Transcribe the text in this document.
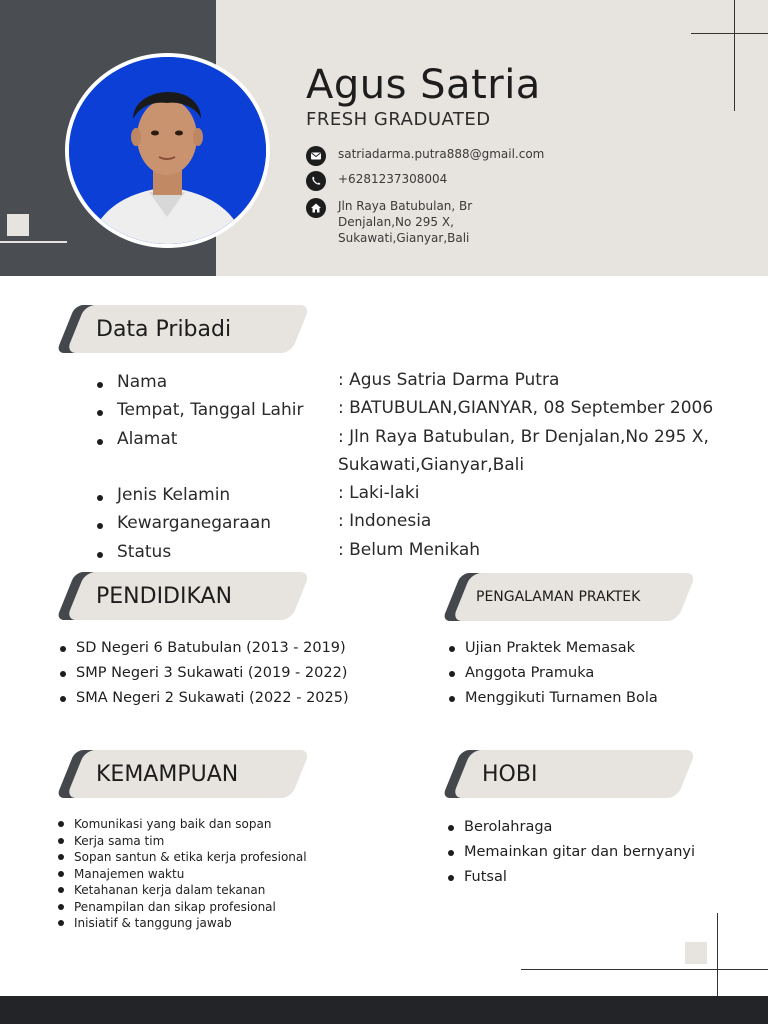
Agus Satria
FRESH GRADUATED
satriadarma.putra888@gmail.com
+6281237308004
Jln Raya Batubulan, Br Denjalan,No 295 X, Sukawati,Gianyar,Bali
Data Pribadi
Nama	: Agus Satria Darma Putra
Tempat, Tanggal Lahir : BATUBULAN,GIANYAR, 08 September 2006
Alamat	: Jln Raya Batubulan, Br Denjalan,No 295 X,
Sukawati,Gianyar,Bali
Jenis Kelamin	: Laki-laki
Kewarganegaraan	: Indonesia
Status	: Belum Menikah
PENDIDIKAN
SD Negeri 6 Batubulan (2013 - 2019)
SMP Negeri 3 Sukawati (2019 - 2022)
SMA Negeri 2 Sukawati (2022 - 2025)
PENGALAMAN PRAKTEK
Ujian Praktek Memasak
Anggota Pramuka
Menggikuti Turnamen Bola
KEMAMPUAN
Komunikasi yang baik dan sopan
Kerja sama tim
Sopan santun & etika kerja profesional
Manajemen waktu
Ketahanan kerja dalam tekanan
Penampilan dan sikap profesional
Inisiatif & tanggung jawab
HOBI
Berolahraga
Memainkan gitar dan bernyanyi
Futsal
